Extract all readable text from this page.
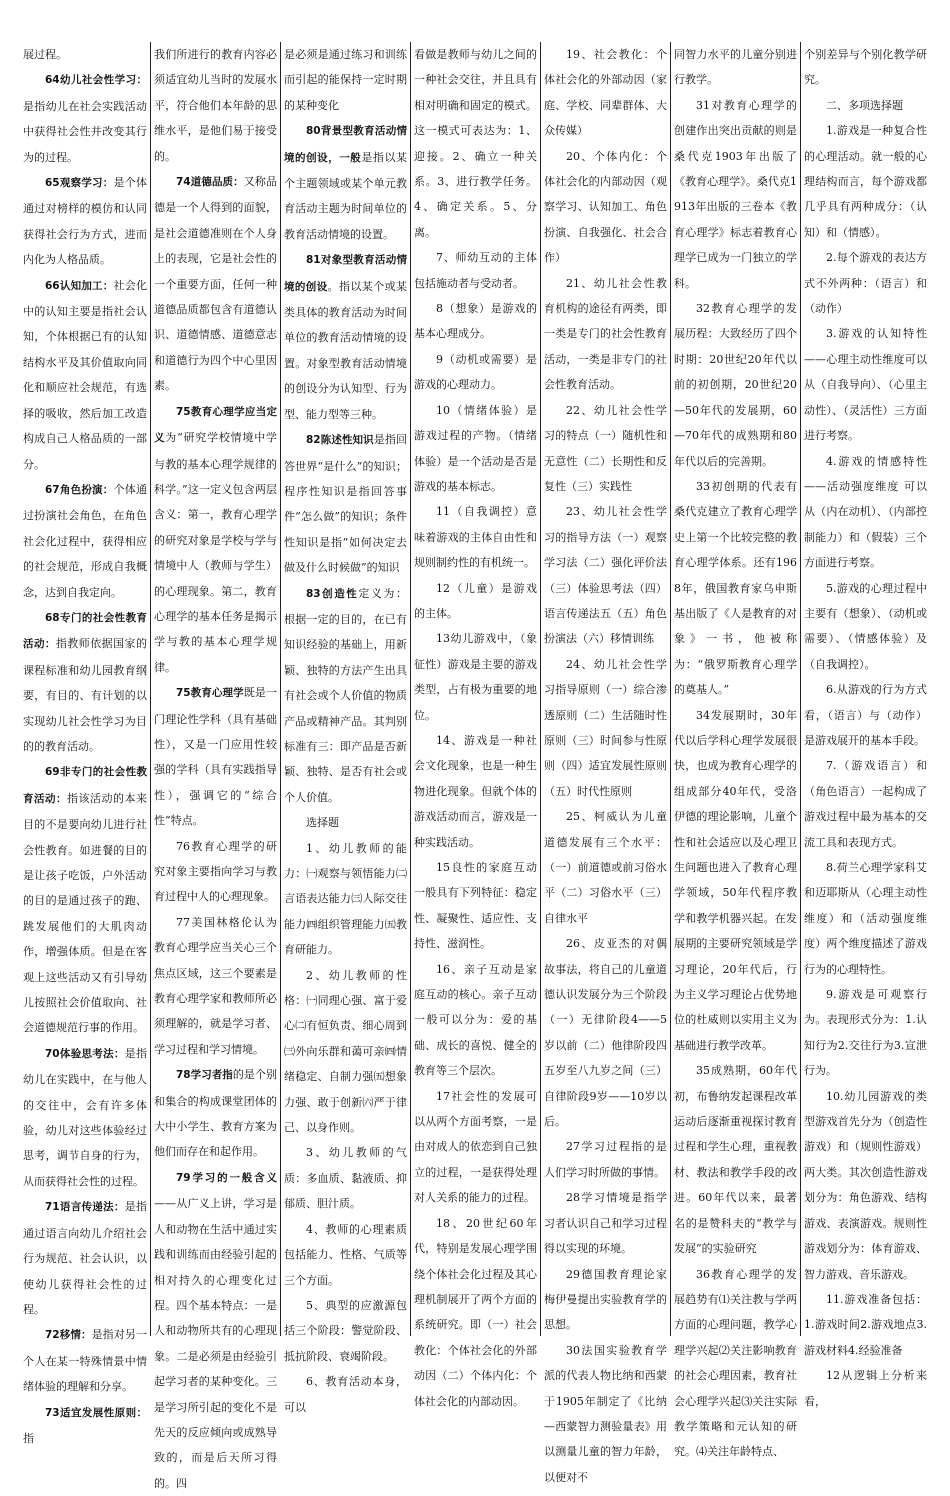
展过程。

64幼儿社会性学习：是指幼儿在社会实践活动中获得社会性并改变其行为的过程。

65观察学习：是个体通过对榜样的模仿和认同获得社会行为方式，进而内化为人格品质。

66认知加工：社会化中的认知主要是指社会认知，个体根据已有的认知结构水平及其价值取向同化和顺应社会规范，有选择的吸收，然后加工改造构成自己人格品质的一部分。

67角色扮演：个体通过扮演社会角色，在角色社会化过程中，获得相应的社会规范，形成自我概念，达到自我定向。

68专门的社会性教育活动：指教师依据国家的课程标准和幼儿园教育纲要，有目的、有计划的以实现幼儿社会性学习为目的的教育活动。

69非专门的社会性教育活动：指该活动的本来目的不是要向幼儿进行社会性教育。如进餐的目的是让孩子吃饭，户外活动的目的是通过孩子的跑、跳发展他们的大肌肉动作，增强体质。但是在客观上这些活动又有引导幼儿按照社会价值取向、社会道德规范行事的作用。

70体验思考法：是指幼儿在实践中，在与他人的交往中，会有许多体验，幼儿对这些体验经过思考，调节自身的行为，从而获得社会性的过程。

71语言传递法：是指通过语言向幼儿介绍社会行为规范、社会认识，以使幼儿获得社会性的过程。

72移情：是指对另一个人在某一特殊情景中情绪体验的理解和分享。

73适宜发展性原则：指

我们所进行的教育内容必须适宜幼儿当时的发展水平，符合他们本年龄的思维水平，是他们易于接受的。

74道德品质：又称品德是一个人得到的面貌，是社会道德准则在个人身上的表现，它是社会性的一个重要方面，任何一种道德品质都包含有道德认识、道德情感、道德意志和道德行为四个中心里因素。

75教育心理学应当定义为“研究学校情境中学与教的基本心理学规律的科学。”这一定义包含两层含义：第一，教育心理学的研究对象是学校与学与情境中人（教师与学生）的心理现象。第二，教育心理学的基本任务是揭示学与教的基本心理学规律。

75教育心理学既是一门理论性学科（具有基础性），又是一门应用性较强的学科（具有实践指导性），强调它的“综合性”特点。

76教育心理学的研究对象主要指向学习与教育过程中人的心理现象。

77美国林格伦认为教育心理学应当关心三个焦点区域，这三个要素是教育心理学家和教师所必须理解的，就是学习者、学习过程和学习情境。

78学习者指的是个别和集合的构成课堂团体的大中小学生、教育方案为他们而存在和起作用。

79学习的一般含义——从广义上讲，学习是人和动物在生活中通过实践和训练而由经验引起的相对持久的心理变化过程。四个基本特点：一是人和动物所共有的心理现象。二是必须是由经验引起学习者的某种变化。三是学习所引起的变化不是先天的反应倾向或成熟导致的，而是后天所习得的。四

是必须是通过练习和训练而引起的能保持一定时期的某种变化

80背景型教育活动情境的创设，一般是指以某个主题领域或某个单元教育活动主题为时间单位的教育活动情境的设置。

81对象型教育活动情境的创设。指以某个或某类具体的教育活动为时间单位的教育活动情境的设置。对象型教育活动情境的创设分为认知型、行为型、能力型等三种。

82陈述性知识是指回答世界“是什么”的知识；程序性知识是指回答事件“怎么做”的知识；条件性知识是指“如何决定去做及什么时候做”的知识

83创造性定义为：根据一定的目的，在已有知识经验的基础上，用新颖、独特的方法产生出具有社会或个人价值的物质产品或精神产品。其判别标准有三：即产品是否新颖、独特、是否有社会或个人价值。

选择题

1、幼儿教师的能力：㈠观察与领悟能力㈡言语表达能力㈢人际交往能力㈣组织管理能力㈤教育研能力。

2、幼儿教师的性格：㈠同理心强、富于爱心㈡有恒负责、细心周到㈢外向乐群和蔼可亲㈣情绪稳定、自制力强㈤想象力强、敢于创新㈥严于律己、以身作则。

3、幼儿教师的气质：多血质、黏液质、抑郁质、胆汁质。

4、教师的心理素质包括能力、性格、气质等三个方面。

5、典型的应激源包括三个阶段：警觉阶段、抵抗阶段、衰竭阶段。

6、教育活动本身，可以

看做是教师与幼儿之间的一种社会交往，并且具有相对明确和固定的模式。这一模式可表达为：1、迎接。2、确立一种关系。3、进行教学任务。4、确定关系。5、分离。

7、师幼互动的主体包括施动者与受动者。

8（想象）是游戏的基本心理成分。

9（动机或需要）是游戏的心理动力。

10（情绪体验）是游戏过程的产物。（情绪体验）是一个活动是否是游戏的基本标志。

11（自我调控）意味着游戏的主体自由性和规则制约性的有机统一。

12（儿童）是游戏的主体。

13幼儿游戏中，（象征性）游戏是主要的游戏类型，占有极为重要的地位。

14、游戏是一种社会文化现象，也是一种生物进化现象。但就个体的游戏活动而言，游戏是一种实践活动。

15良性的家庭互动一般具有下列特征：稳定性、凝聚性、适应性、支持性、滋润性。

16、亲子互动是家庭互动的核心。亲子互动一般可以分为：爱的基础、成长的喜悦、健全的教育等三个层次。

17社会性的发展可以从两个方面考察，一是由对成人的依恋到自己独立的过程，一是获得处理对人关系的能力的过程。

18、20世纪60年代，特别是发展心理学围绕个体社会化过程及其心理机制展开了两个方面的系统研究。即（一）社会教化：个体社会化的外部动因（二）个体内化：个体社会化的内部动因。

19、社会教化：个体社会化的外部动因（家庭、学校、同辈群体、大众传媒）

20、个体内化：个体社会化的内部动因（观察学习、认知加工、角色扮演、自我强化、社会合作）

21、幼儿社会性教育机构的途径有两类，即一类是专门的社会性教育活动，一类是非专门的社会性教育活动。

22、幼儿社会性学习的特点（一）随机性和无意性（二）长期性和反复性（三）实践性

23、幼儿社会性学习的指导方法（一）观察学习法（二）强化评价法（三）体验思考法（四）语言传递法五（五）角色扮演法（六）移情训练

24、幼儿社会性学习指导原则（一）综合渗透原则（二）生活随时性原则（三）时间参与性原则（四）适宜发展性原则（五）时代性原则

25、柯威认为儿童道德发展有三个水平：（一）前道德或前习俗水平（二）习俗水平（三）自律水平

26、皮亚杰的对偶故事法，将自己的儿童道德认识发展分为三个阶段（一）无律阶段4——5岁以前（二）他律阶段四五岁至八九岁之间（三）自律阶段9岁——10岁以后。

27学习过程指的是人们学习时所做的事情。

28学习情境是指学习者认识自己和学习过程得以实现的环境。

29德国教育理论家梅伊曼提出实验教育学的思想。

30法国实验教育学派的代表人物比纳和西蒙于1905年制定了《比纳—西蒙智力测验量表》用以测量儿童的智力年龄，以便对不

同智力水平的儿童分别进行教学。

31对教育心理学的创建作出突出贡献的则是桑代克1903年出版了《教育心理学》。桑代克1913年出版的三卷本《教育心理学》标志着教育心理学已成为一门独立的学科。

32教育心理学的发展历程：大致经历了四个时期：20世纪20年代以前的初创期，20世纪20—50年代的发展期，60—70年代的成熟期和80年代以后的完善期。

33初创期的代表有桑代克建立了教育心理学史上第一个比较完整的教育心理学体系。还有1968年，俄国教育家乌申斯基出版了《人是教育的对象》一书，他被称为：“俄罗斯教育心理学的奠基人。”

34发展期时，30年代以后学科心理学发展很快，也成为教育心理学的组成部分40年代，受洛伊德的理论影响，儿童个性和社会适应以及心理卫生问题也进入了教育心理学领域，50年代程序教学和教学机器兴起。在发展期的主要研究领域是学习理论，20年代后，行为主义学习理论占优势地位的杜威则以实用主义为基础进行教学改革。

35成熟期，60年代初，布鲁纳发起课程改革运动后逐渐重视探讨教育过程和学生心理，重视教材、教法和教学手段的改进。60年代以来，最著名的是赞科夫的“教学与发展”的实验研究

36教育心理学的发展趋势有⑴关注教与学两方面的心理问题，教学心理学兴起⑵关注影响教育的社会心理因素，教育社会心理学兴起⑶关注实际教学策略和元认知的研究。⑷关注年龄特点、

个别差异与个别化教学研究。

二、多项选择题

1.游戏是一种复合性的心理活动。就一般的心理结构而言，每个游戏都几乎具有两种成分：（认知）和（情感）。

2.每个游戏的表达方式不外两种：（语言）和（动作）

3.游戏的认知特性——心理主动性维度可以从（自我导向）、（心里主动性）、（灵活性）三方面进行考察。

4.游戏的情感特性——活动强度维度 可以从（内在动机）、（内部控制能力）和（假装）三个方面进行考察。

5.游戏的心理过程中主要有（想象）、（动机或需要）、（情感体验）及（自我调控）。

6.从游戏的行为方式看，（语言）与（动作）是游戏展开的基本手段。

7.（游戏语言）和（角色语言）一起构成了游戏过程中最为基本的交流工具和表现方式。

8.荷兰心理学家科艾和迈耶斯从（心理主动性维度）和（活动强度维度）两个维度描述了游戏行为的心理特性。

9.游戏是可观察行为。表现形式分为：1.认知行为2.交往行为3.宣泄行为。

10.幼儿园游戏的类型游戏首先分为（创造性游戏）和（规则性游戏）两大类。其次创造性游戏划分为：角色游戏、结构游戏、表演游戏。规则性游戏划分为：体育游戏、智力游戏、音乐游戏。

11.游戏准备包括：1.游戏时间2.游戏地点3.游戏材料4.经验准备

12从逻辑上分析来看，
